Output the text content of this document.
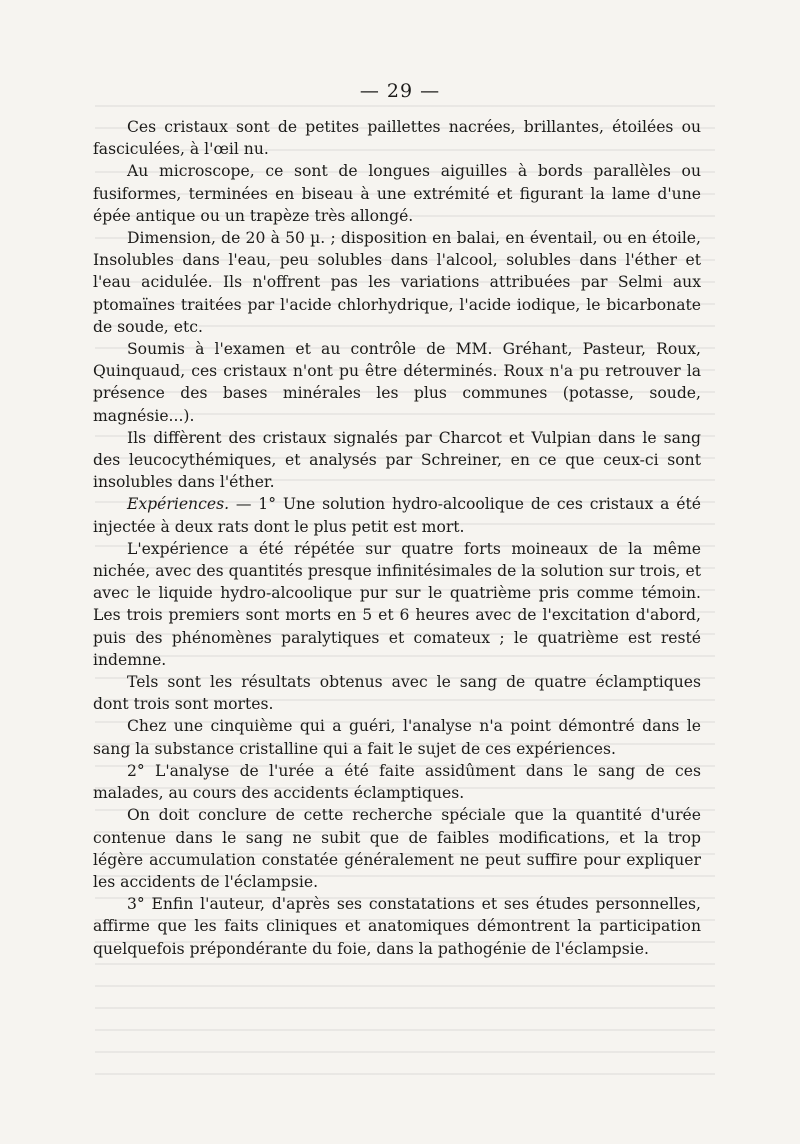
— 29 —

Ces cristaux sont de petites paillettes nacrées, brillantes, étoilées ou fasciculées, à l'œil nu.

Au microscope, ce sont de longues aiguilles à bords parallèles ou fusiformes, terminées en biseau à une extrémité et figurant la lame d'une épée antique ou un trapèze très allongé.

Dimension, de 20 à 50 µ. ; disposition en balai, en éventail, ou en étoile, Insolubles dans l'eau, peu solubles dans l'alcool, solubles dans l'éther et l'eau acidulée. Ils n'offrent pas les variations attribuées par Selmi aux ptomaïnes traitées par l'acide chlorhydrique, l'acide iodique, le bicarbonate de soude, etc.

Soumis à l'examen et au contrôle de MM. Gréhant, Pasteur, Roux, Quinquaud, ces cristaux n'ont pu être déterminés. Roux n'a pu retrouver la présence des bases minérales les plus communes (potasse, soude, magnésie...).

Ils diffèrent des cristaux signalés par Charcot et Vulpian dans le sang des leucocythémiques, et analysés par Schreiner, en ce que ceux-ci sont insolubles dans l'éther.

Expériences. — 1° Une solution hydro-alcoolique de ces cristaux a été injectée à deux rats dont le plus petit est mort.

L'expérience a été répétée sur quatre forts moineaux de la même nichée, avec des quantités presque infinitésimales de la solution sur trois, et avec le liquide hydro-alcoolique pur sur le quatrième pris comme témoin. Les trois premiers sont morts en 5 et 6 heures avec de l'excitation d'abord, puis des phénomènes paralytiques et comateux ; le quatrième est resté indemne.

Tels sont les résultats obtenus avec le sang de quatre éclamptiques dont trois sont mortes.

Chez une cinquième qui a guéri, l'analyse n'a point démontré dans le sang la substance cristalline qui a fait le sujet de ces expériences.

2° L'analyse de l'urée a été faite assidûment dans le sang de ces malades, au cours des accidents éclamptiques.

On doit conclure de cette recherche spéciale que la quantité d'urée contenue dans le sang ne subit que de faibles modifications, et la trop légère accumulation constatée généralement ne peut suffire pour expliquer les accidents de l'éclampsie.

3° Enfin l'auteur, d'après ses constatations et ses études personnelles, affirme que les faits cliniques et anatomiques démontrent la participation quelquefois prépondérante du foie, dans la pathogénie de l'éclampsie.
